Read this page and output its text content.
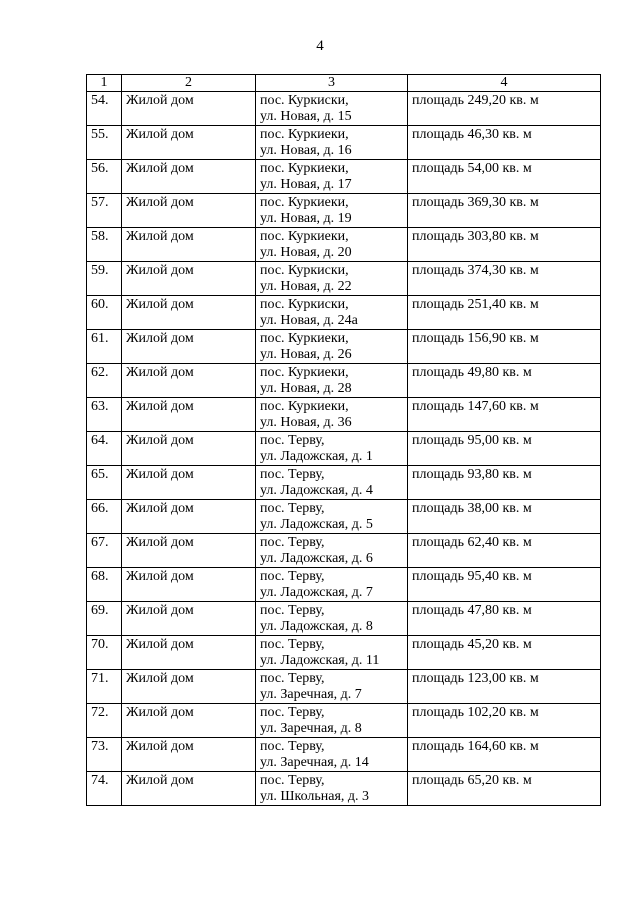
4
1	2	3	4
54.	Жилой дом	пос. Куркиски,
ул. Новая, д. 15	площадь 249,20 кв. м
55.	Жилой дом	пос. Куркиеки,
ул. Новая, д. 16	площадь 46,30 кв. м
56.	Жилой дом	пос. Куркиеки,
ул. Новая, д. 17	площадь 54,00 кв. м
57.	Жилой дом	пос. Куркиеки,
ул. Новая, д. 19	площадь 369,30 кв. м
58.	Жилой дом	пос. Куркиеки,
ул. Новая, д. 20	площадь 303,80 кв. м
59.	Жилой дом	пос. Куркиски,
ул. Новая, д. 22	площадь 374,30 кв. м
60.	Жилой дом	пос. Куркиски,
ул. Новая, д. 24а	площадь 251,40 кв. м
61.	Жилой дом	пос. Куркиеки,
ул. Новая, д. 26	площадь 156,90 кв. м
62.	Жилой дом	пос. Куркиеки,
ул. Новая, д. 28	площадь 49,80 кв. м
63.	Жилой дом	пос. Куркиеки,
ул. Новая, д. 36	площадь 147,60 кв. м
64.	Жилой дом	пос. Терву,
ул. Ладожская, д. 1	площадь 95,00 кв. м
65.	Жилой дом	пос. Терву,
ул. Ладожская, д. 4	площадь 93,80 кв. м
66.	Жилой дом	пос. Терву,
ул. Ладожская, д. 5	площадь 38,00 кв. м
67.	Жилой дом	пос. Терву,
ул. Ладожская, д. 6	площадь 62,40 кв. м
68.	Жилой дом	пос. Терву,
ул. Ладожская, д. 7	площадь 95,40 кв. м
69.	Жилой дом	пос. Терву,
ул. Ладожская, д. 8	площадь 47,80 кв. м
70.	Жилой дом	пос. Терву,
ул. Ладожская, д. 11	площадь 45,20 кв. м
71.	Жилой дом	пос. Терву,
ул. Заречная, д. 7	площадь 123,00 кв. м
72.	Жилой дом	пос. Терву,
ул. Заречная, д. 8	площадь 102,20 кв. м
73.	Жилой дом	пос. Терву,
ул. Заречная, д. 14	площадь 164,60 кв. м
74.	Жилой дом	пос. Терву,
ул. Школьная, д. 3	площадь 65,20 кв. м
